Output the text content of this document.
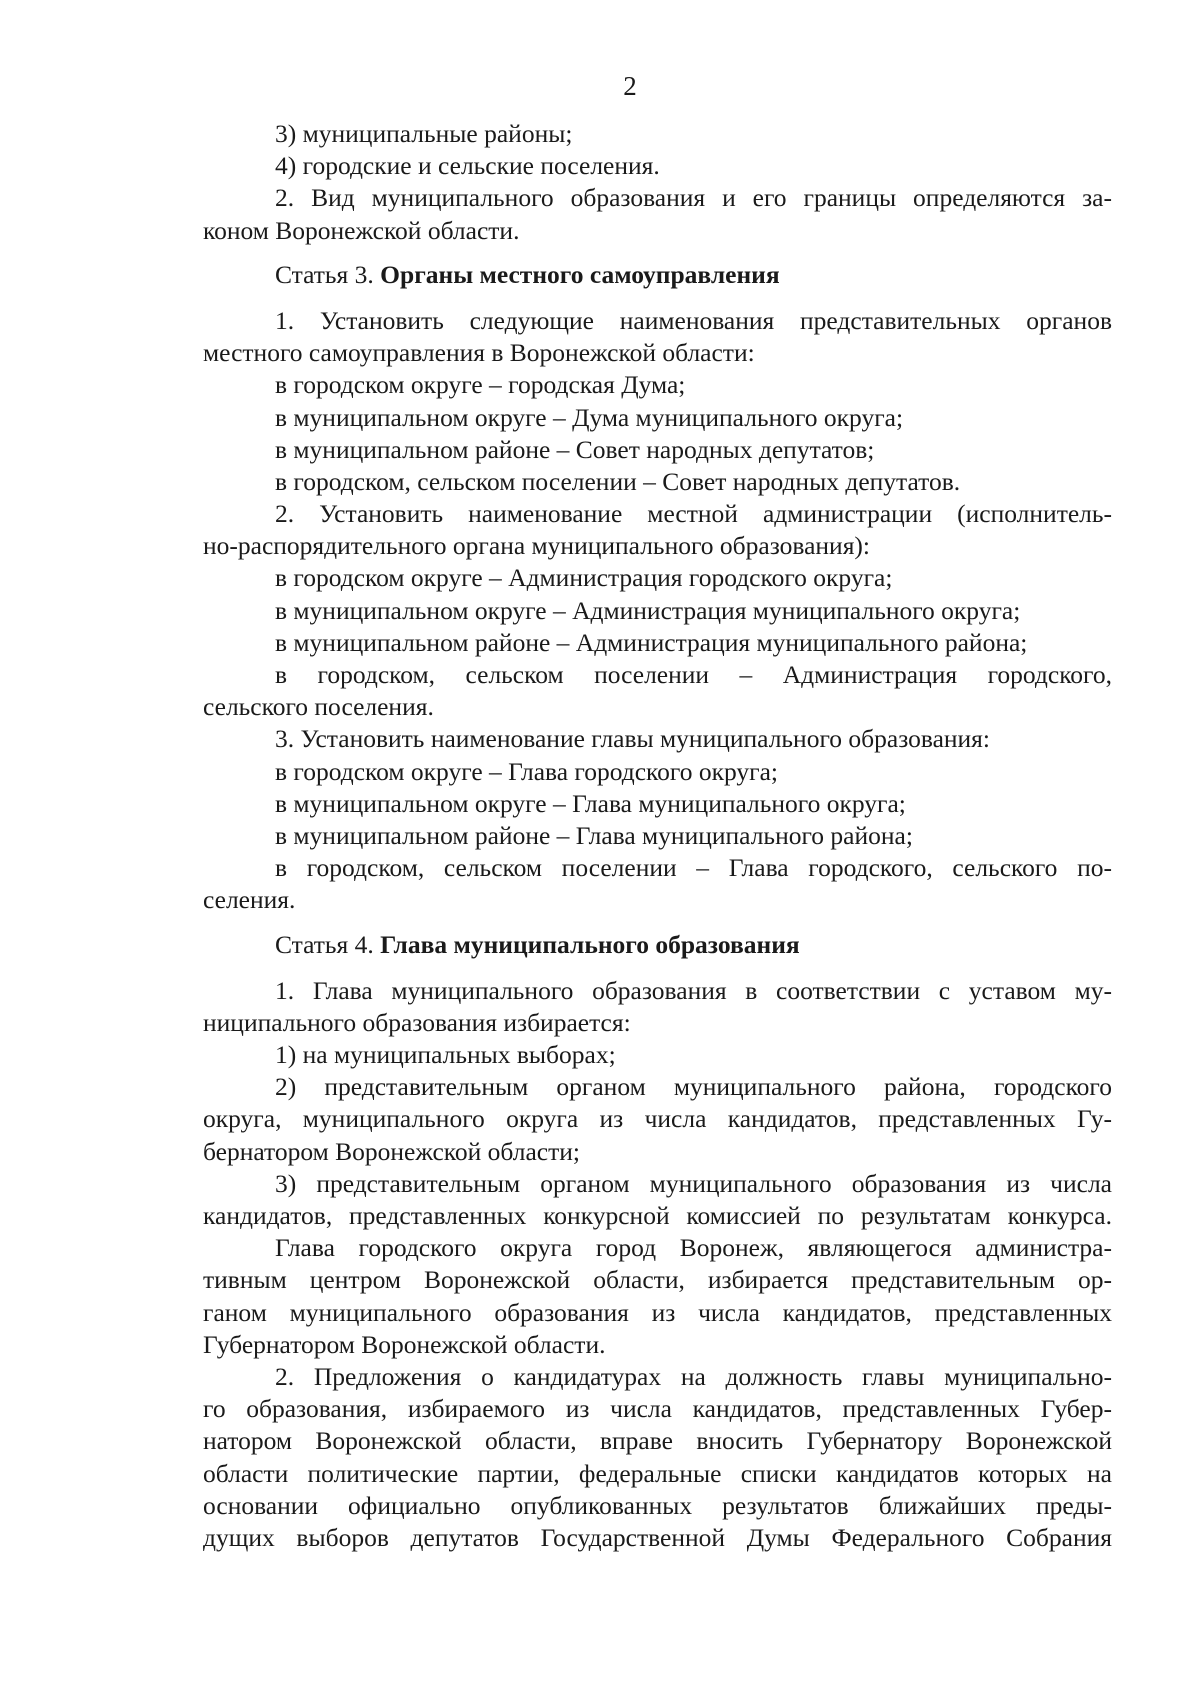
2
3) муниципальные районы;
4) городские и сельские поселения.
2. Вид муниципального образования и его границы определяются за-
коном Воронежской области.
Статья 3. Органы местного самоуправления
1. Установить следующие наименования представительных органов
местного самоуправления в Воронежской области:
в городском округе – городская Дума;
в муниципальном округе – Дума муниципального округа;
в муниципальном районе – Совет народных депутатов;
в городском, сельском поселении – Совет народных депутатов.
2. Установить наименование местной администрации (исполнитель-
но-распорядительного органа муниципального образования):
в городском округе – Администрация городского округа;
в муниципальном округе – Администрация муниципального округа;
в муниципальном районе – Администрация муниципального района;
в городском, сельском поселении – Администрация городского,
сельского поселения.
3. Установить наименование главы муниципального образования:
в городском округе – Глава городского округа;
в муниципальном округе – Глава муниципального округа;
в муниципальном районе – Глава муниципального района;
в городском, сельском поселении – Глава городского, сельского по-
селения.
Статья 4. Глава муниципального образования
1. Глава муниципального образования в соответствии с уставом му-
ниципального образования избирается:
1) на муниципальных выборах;
2) представительным органом муниципального района, городского
округа, муниципального округа из числа кандидатов, представленных Гу-
бернатором Воронежской области;
3) представительным органом муниципального образования из числа
кандидатов, представленных конкурсной комиссией по результатам конкурса.
Глава городского округа город Воронеж, являющегося администра-
тивным центром Воронежской области, избирается представительным ор-
ганом муниципального образования из числа кандидатов, представленных
Губернатором Воронежской области.
2. Предложения о кандидатурах на должность главы муниципально-
го образования, избираемого из числа кандидатов, представленных Губер-
натором Воронежской области, вправе вносить Губернатору Воронежской
области политические партии, федеральные списки кандидатов которых на
основании официально опубликованных результатов ближайших преды-
дущих выборов депутатов Государственной Думы Федерального Собрания
